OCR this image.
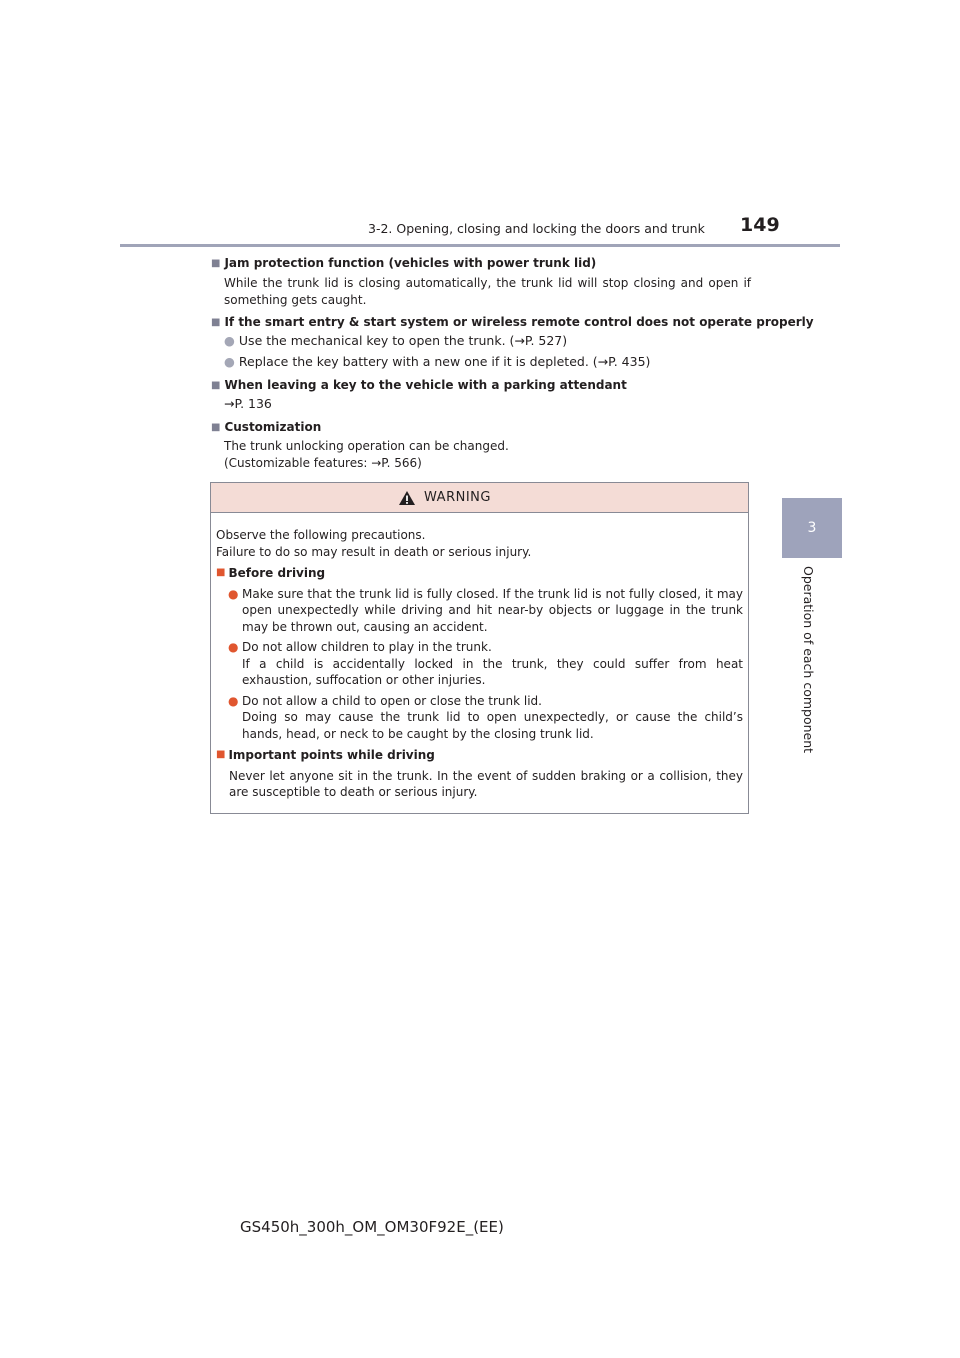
3-2. Opening, closing and locking the doors and trunk 149
3
Operation of each component
■ Jam protection function (vehicles with power trunk lid)
While the trunk lid is closing automatically, the trunk lid will stop closing and open if something gets caught.
■ If the smart entry & start system or wireless remote control does not operate properly
● Use the mechanical key to open the trunk. (→P. 527)
● Replace the key battery with a new one if it is depleted. (→P. 435)
■ When leaving a key to the vehicle with a parking attendant
→P. 136
■ Customization
The trunk unlocking operation can be changed.
(Customizable features: →P. 566)
WARNING
Observe the following precautions.
Failure to do so may result in death or serious injury.
■ Before driving
● Make sure that the trunk lid is fully closed. If the trunk lid is not fully closed, it may open unexpectedly while driving and hit near-by objects or luggage in the trunk may be thrown out, causing an accident.
● Do not allow children to play in the trunk.
If a child is accidentally locked in the trunk, they could suffer from heat exhaustion, suffocation or other injuries.
● Do not allow a child to open or close the trunk lid.
Doing so may cause the trunk lid to open unexpectedly, or cause the child’s hands, head, or neck to be caught by the closing trunk lid.
■ Important points while driving
Never let anyone sit in the trunk. In the event of sudden braking or a collision, they are susceptible to death or serious injury.
GS450h_300h_OM_OM30F92E_(EE)
